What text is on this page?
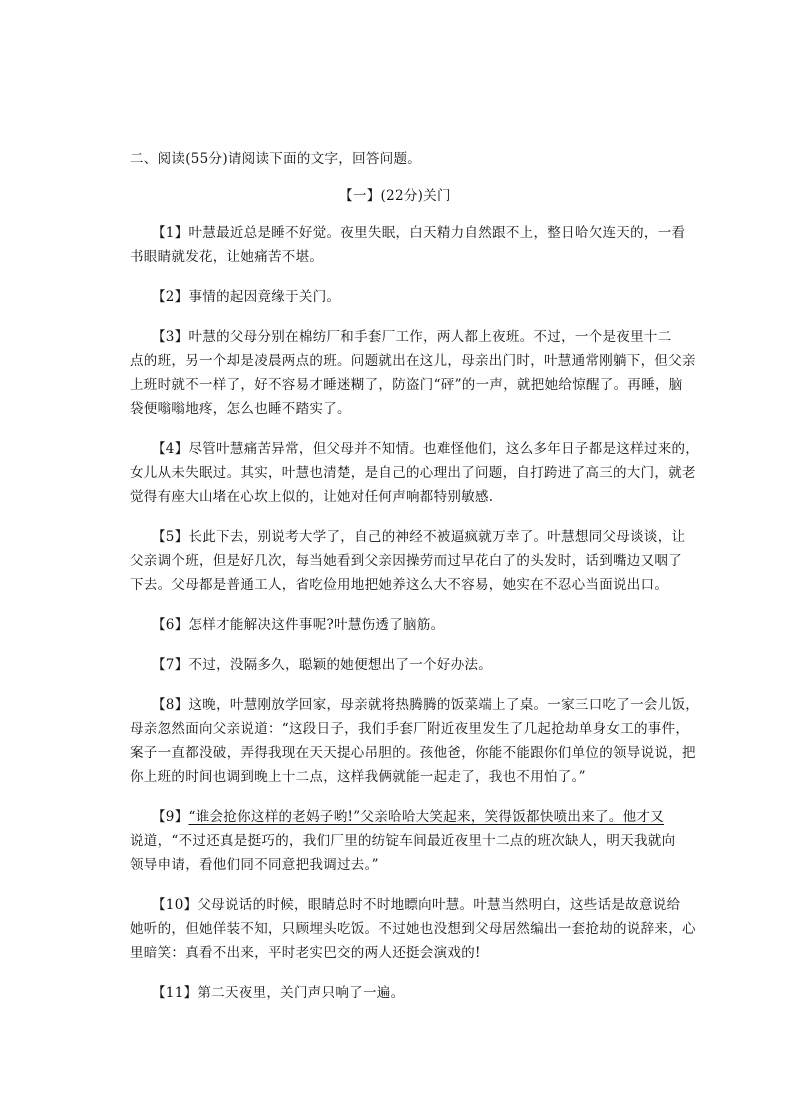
二、阅读(55分)请阅读下面的文字，回答问题。
【一】(22分)关门
【1】叶慧最近总是睡不好觉。夜里失眠，白天精力自然跟不上，整日哈欠连天的，一看
书眼睛就发花，让她痛苦不堪。
【2】事情的起因竟缘于关门。
【3】叶慧的父母分别在棉纺厂和手套厂工作，两人都上夜班。不过，一个是夜里十二
点的班，另一个却是凌晨两点的班。问题就出在这儿，母亲出门时，叶慧通常刚躺下，但父亲
上班时就不一样了，好不容易才睡迷糊了，防盗门“砰”的一声，就把她给惊醒了。再睡，脑
袋便嗡嗡地疼，怎么也睡不踏实了。
【4】尽管叶慧痛苦异常，但父母并不知情。也难怪他们，这么多年日子都是这样过来的，
女儿从未失眠过。其实，叶慧也清楚，是自己的心理出了问题，自打跨进了高三的大门，就老
觉得有座大山堵在心坎上似的，让她对任何声响都特别敏感.
【5】长此下去，别说考大学了，自己的神经不被逼疯就万幸了。叶慧想同父母谈谈，让
父亲调个班，但是好几次，每当她看到父亲因操劳而过早花白了的头发时，话到嘴边又咽了
下去。父母都是普通工人，省吃俭用地把她养这么大不容易，她实在不忍心当面说出口。
【6】怎样才能解决这件事呢?叶慧伤透了脑筋。
【7】不过，没隔多久，聪颖的她便想出了一个好办法。
【8】这晚，叶慧刚放学回家，母亲就将热腾腾的饭菜端上了桌。一家三口吃了一会儿饭，
母亲忽然面向父亲说道：“这段日子，我们手套厂附近夜里发生了几起抢劫单身女工的事件，
案子一直都没破，弄得我现在天天提心吊胆的。孩他爸，你能不能跟你们单位的领导说说，把
你上班的时间也调到晚上十二点，这样我俩就能一起走了，我也不用怕了。”
【9】“谁会抢你这样的老妈子哟!”父亲哈哈大笑起来，笑得饭都快喷出来了。他才又
说道，“不过还真是挺巧的，我们厂里的纺锭车间最近夜里十二点的班次缺人，明天我就向
领导申请，看他们同不同意把我调过去。”
【10】父母说话的时候，眼睛总时不时地瞟向叶慧。叶慧当然明白，这些话是故意说给
她听的，但她佯装不知，只顾埋头吃饭。不过她也没想到父母居然编出一套抢劫的说辞来，心
里暗笑：真看不出来，平时老实巴交的两人还挺会演戏的!
【11】第二天夜里，关门声只响了一遍。
